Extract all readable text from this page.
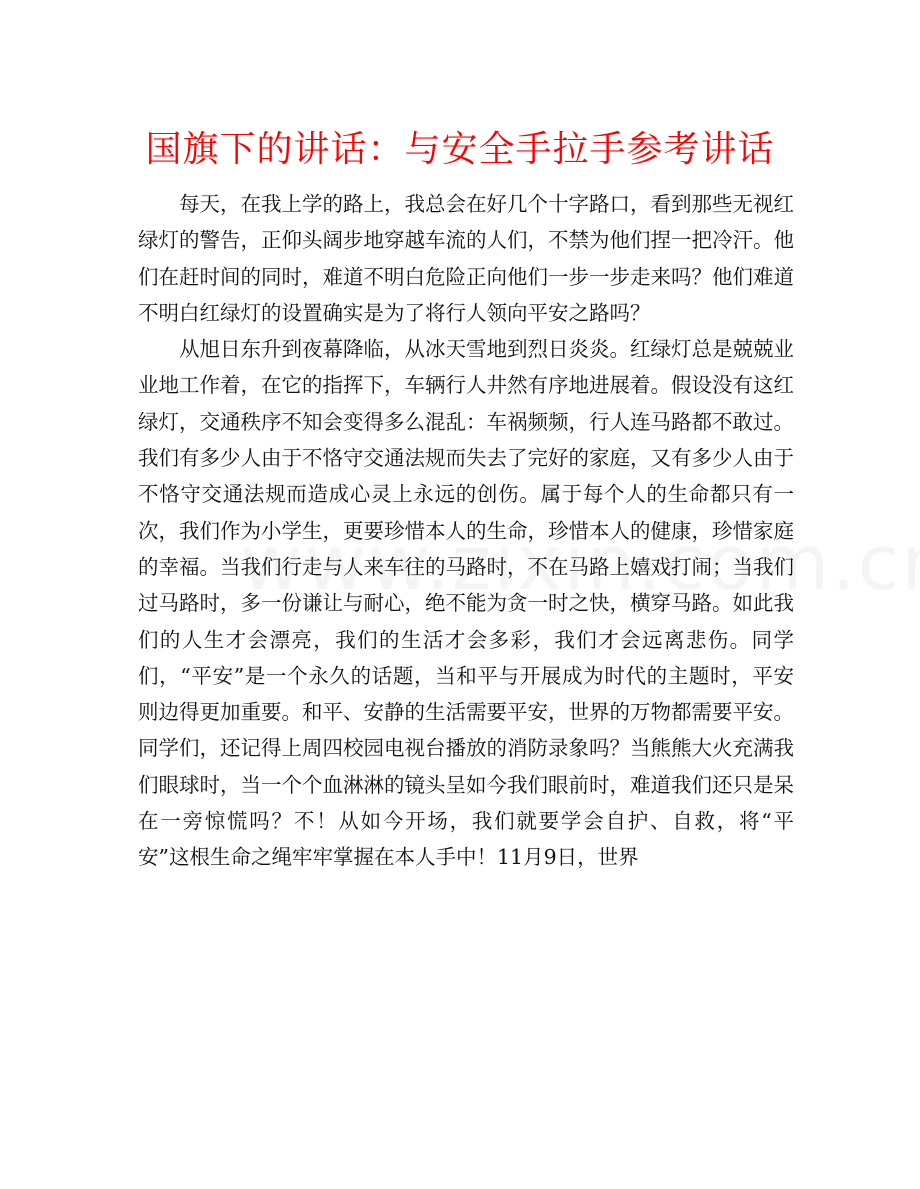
国旗下的讲话：与安全手拉手参考讲话

每天，在我上学的路上，我总会在好几个十字路口，看到那些无视红绿灯的警告，正仰头阔步地穿越车流的人们，不禁为他们捏一把冷汗。他们在赶时间的同时，难道不明白危险正向他们一步一步走来吗？他们难道不明白红绿灯的设置确实是为了将行人领向平安之路吗？

从旭日东升到夜幕降临，从冰天雪地到烈日炎炎。红绿灯总是兢兢业业地工作着，在它的指挥下，车辆行人井然有序地进展着。假设没有这红绿灯，交通秩序不知会变得多么混乱：车祸频频，行人连马路都不敢过。我们有多少人由于不恪守交通法规而失去了完好的家庭，又有多少人由于不恪守交通法规而造成心灵上永远的创伤。属于每个人的生命都只有一次，我们作为小学生，更要珍惜本人的生命，珍惜本人的健康，珍惜家庭的幸福。当我们行走与人来车往的马路时，不在马路上嬉戏打闹；当我们过马路时，多一份谦让与耐心，绝不能为贪一时之快，横穿马路。如此我们的人生才会漂亮，我们的生活才会多彩，我们才会远离悲伤。同学们，“平安”是一个永久的话题，当和平与开展成为时代的主题时，平安则边得更加重要。和平、安静的生活需要平安，世界的万物都需要平安。同学们，还记得上周四校园电视台播放的消防录象吗？当熊熊大火充满我们眼球时，当一个个血淋淋的镜头呈如今我们眼前时，难道我们还只是呆在一旁惊慌吗？不！从如今开场，我们就要学会自护、自救，将“平安”这根生命之绳牢牢掌握在本人手中！11月9日，世界
